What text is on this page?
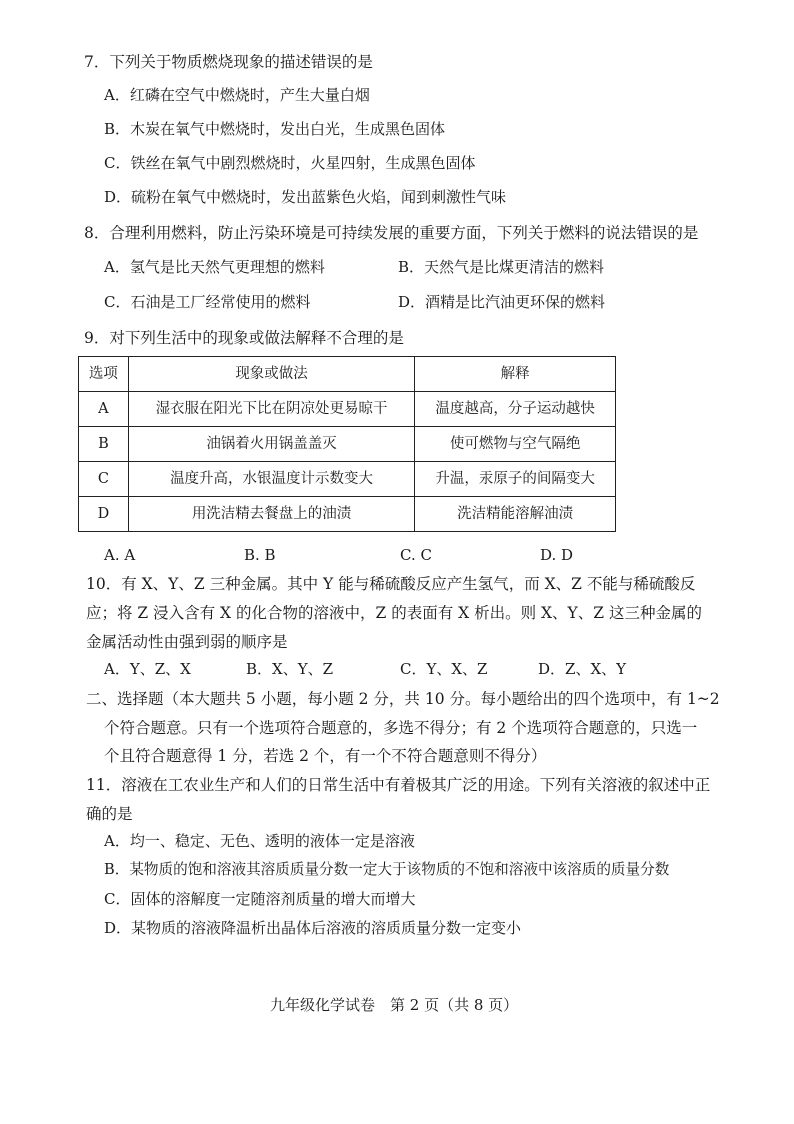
7．下列关于物质燃烧现象的描述错误的是
A．红磷在空气中燃烧时，产生大量白烟
B．木炭在氧气中燃烧时，发出白光，生成黑色固体
C．铁丝在氧气中剧烈燃烧时，火星四射，生成黑色固体
D．硫粉在氧气中燃烧时，发出蓝紫色火焰，闻到刺激性气味
8．合理利用燃料，防止污染环境是可持续发展的重要方面，下列关于燃料的说法错误的是
A．氢气是比天然气更理想的燃料	B．天然气是比煤更清洁的燃料
C．石油是工厂经常使用的燃料	D．酒精是比汽油更环保的燃料
9．对下列生活中的现象或做法解释不合理的是
选项	现象或做法	解释
A	湿衣服在阳光下比在阴凉处更易晾干	温度越高，分子运动越快
B	油锅着火用锅盖盖灭	使可燃物与空气隔绝
C	温度升高，水银温度计示数变大	升温，汞原子的间隔变大
D	用洗洁精去餐盘上的油渍	洗洁精能溶解油渍
A. A	B. B	C. C	D. D
10．有 X、Y、Z 三种金属。其中 Y 能与稀硫酸反应产生氢气，而 X、Z 不能与稀硫酸反
应；将 Z 浸入含有 X 的化合物的溶液中，Z 的表面有 X 析出。则 X、Y、Z 这三种金属的
金属活动性由强到弱的顺序是
A．Y、Z、X	B．X、Y、Z	C．Y、X、Z	D．Z、X、Y
二、选择题（本大题共 5 小题，每小题 2 分，共 10 分。每小题给出的四个选项中，有 1~2
个符合题意。只有一个选项符合题意的，多选不得分；有 2 个选项符合题意的，只选一
个且符合题意得 1 分，若选 2 个，有一个不符合题意则不得分）
11．溶液在工农业生产和人们的日常生活中有着极其广泛的用途。下列有关溶液的叙述中正
确的是
A．均一、稳定、无色、透明的液体一定是溶液
B．某物质的饱和溶液其溶质质量分数一定大于该物质的不饱和溶液中该溶质的质量分数
C．固体的溶解度一定随溶剂质量的增大而增大
D．某物质的溶液降温析出晶体后溶液的溶质质量分数一定变小
九年级化学试卷　第 2 页（共 8 页）
